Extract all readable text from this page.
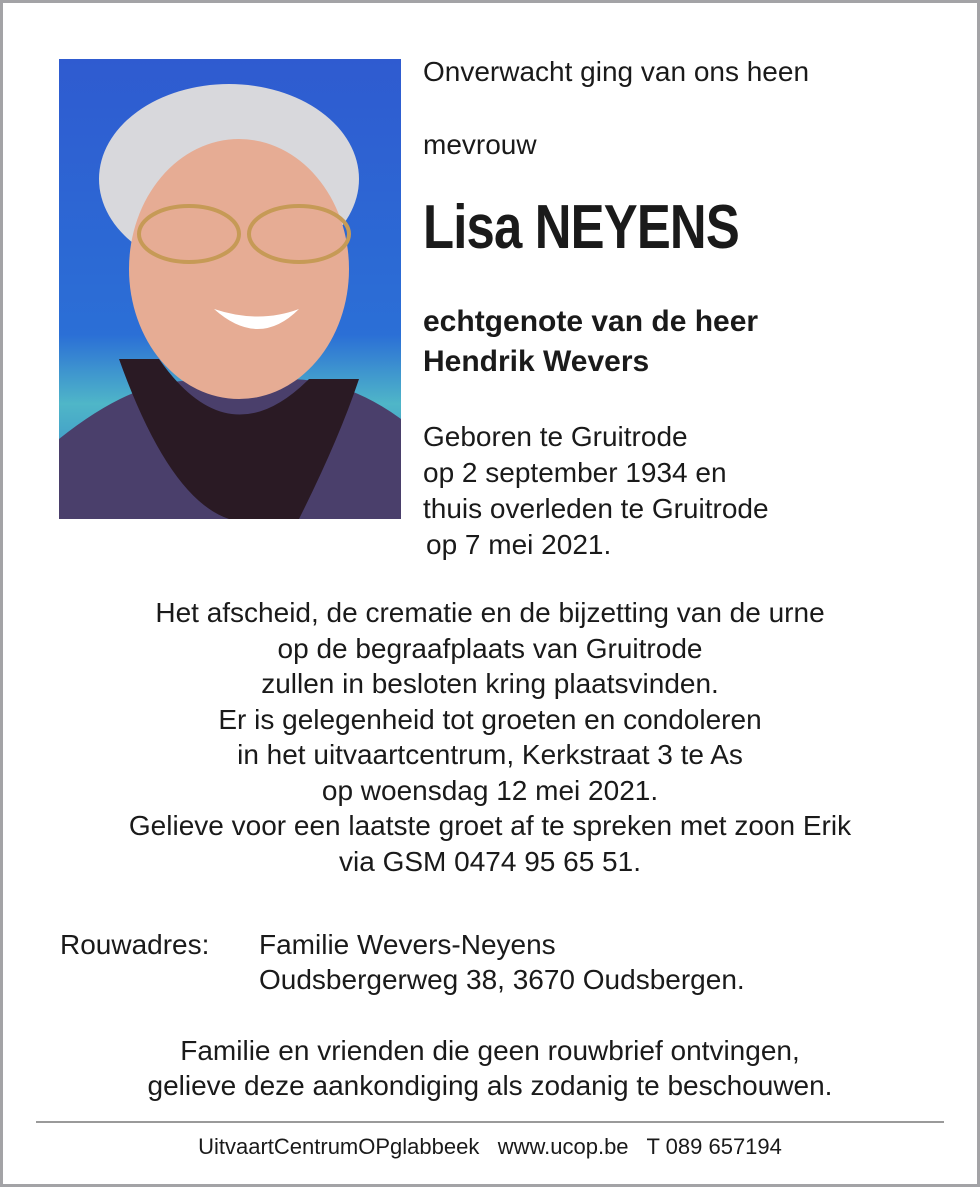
Onverwacht ging van ons heen
mevrouw
Lisa NEYENS
echtgenote van de heer
Hendrik Wevers
Geboren te Gruitrode
op 2 september 1934 en
thuis overleden te Gruitrode
op 7 mei 2021.
Het afscheid, de crematie en de bijzetting van de urne
op de begraafplaats van Gruitrode
zullen in besloten kring plaatsvinden.
Er is gelegenheid tot groeten en condoleren
in het uitvaartcentrum, Kerkstraat 3 te As
op woensdag 12 mei 2021.
Gelieve voor een laatste groet af te spreken met zoon Erik
via GSM 0474 95 65 51.
Rouwadres: Familie Wevers-Neyens
Oudsbergerweg 38, 3670 Oudsbergen.
Familie en vrienden die geen rouwbrief ontvingen,
gelieve deze aankondiging als zodanig te beschouwen.
UitvaartCentrumOPglabbeek www.ucop.be T 089 657194
